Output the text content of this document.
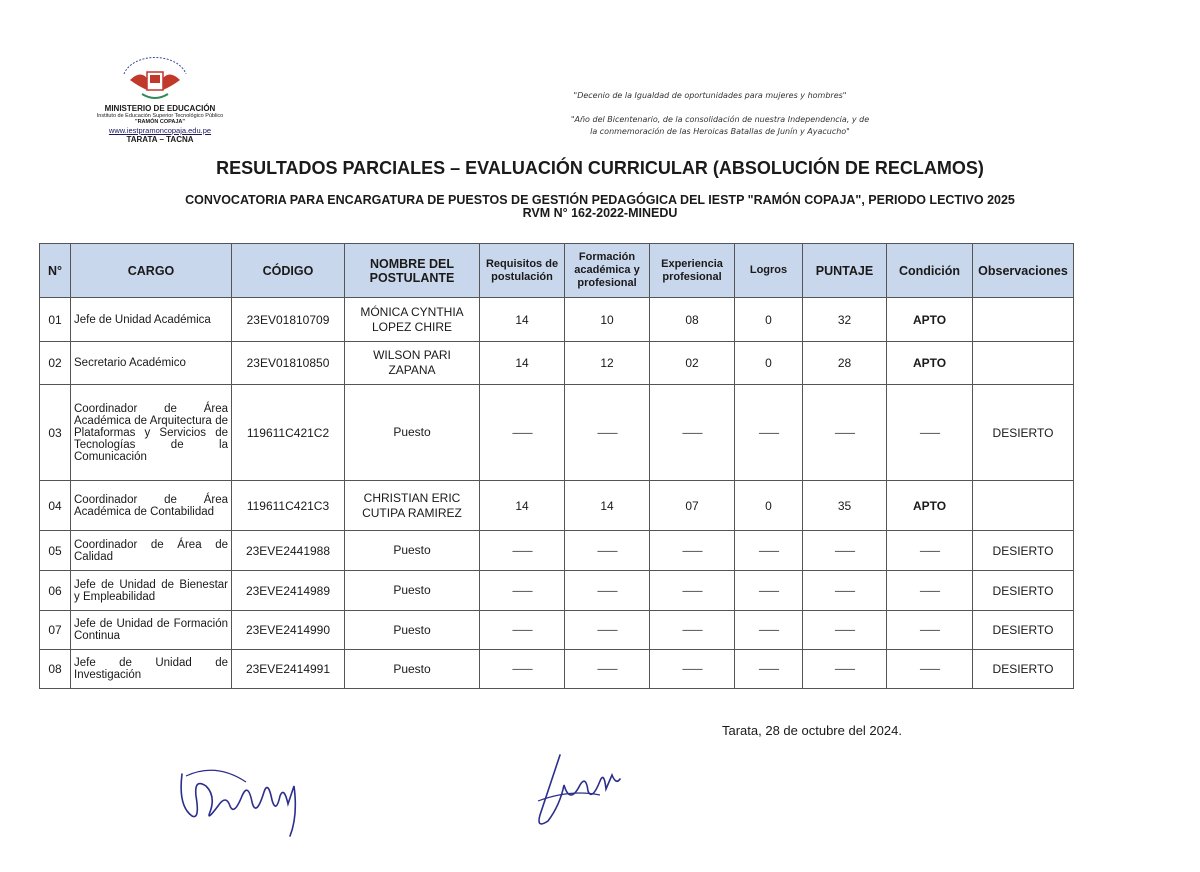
MINISTERIO DE EDUCACIÓN
Instituto de Educación Superior Tecnológico Público
"RAMÓN COPAJA"
www.iestpramoncopaja.edu.pe
TARATA – TACNA
"Decenio de la Igualdad de oportunidades para mujeres y hombres"
"Año del Bicentenario, de la consolidación de nuestra Independencia, y de
la conmemoración de las Heroicas Batallas de Junín y Ayacucho"
RESULTADOS PARCIALES – EVALUACIÓN CURRICULAR (ABSOLUCIÓN DE RECLAMOS)
CONVOCATORIA PARA ENCARGATURA DE PUESTOS DE GESTIÓN PEDAGÓGICA DEL IESTP "RAMÓN COPAJA", PERIODO LECTIVO 2025
RVM N° 162-2022-MINEDU
N°	CARGO	CÓDIGO	NOMBRE DEL POSTULANTE	Requisitos de postulación	Formación académica y profesional	Experiencia profesional	Logros	PUNTAJE	Condición	Observaciones
01	Jefe de Unidad Académica	23EV01810709	MÓNICA CYNTHIA LOPEZ CHIRE	14	10	08	0	32	APTO	
02	Secretario Académico	23EV01810850	WILSON PARI ZAPANA	14	12	02	0	28	APTO	
03	Coordinador de Área Académica de Arquitectura de Plataformas y Servicios de Tecnologías de la Comunicación	119611C421C2	Puesto	----------	----------	----------	----------	----------	----------	DESIERTO
04	Coordinador de Área Académica de Contabilidad	119611C421C3	CHRISTIAN ERIC CUTIPA RAMIREZ	14	14	07	0	35	APTO	
05	Coordinador de Área de Calidad	23EVE2441988	Puesto	----------	----------	----------	----------	----------	----------	DESIERTO
06	Jefe de Unidad de Bienestar y Empleabilidad	23EVE2414989	Puesto	----------	----------	----------	----------	----------	----------	DESIERTO
07	Jefe de Unidad de Formación Continua	23EVE2414990	Puesto	----------	----------	----------	----------	----------	----------	DESIERTO
08	Jefe de Unidad de Investigación	23EVE2414991	Puesto	----------	----------	----------	----------	----------	----------	DESIERTO
Tarata, 28 de octubre del 2024.
